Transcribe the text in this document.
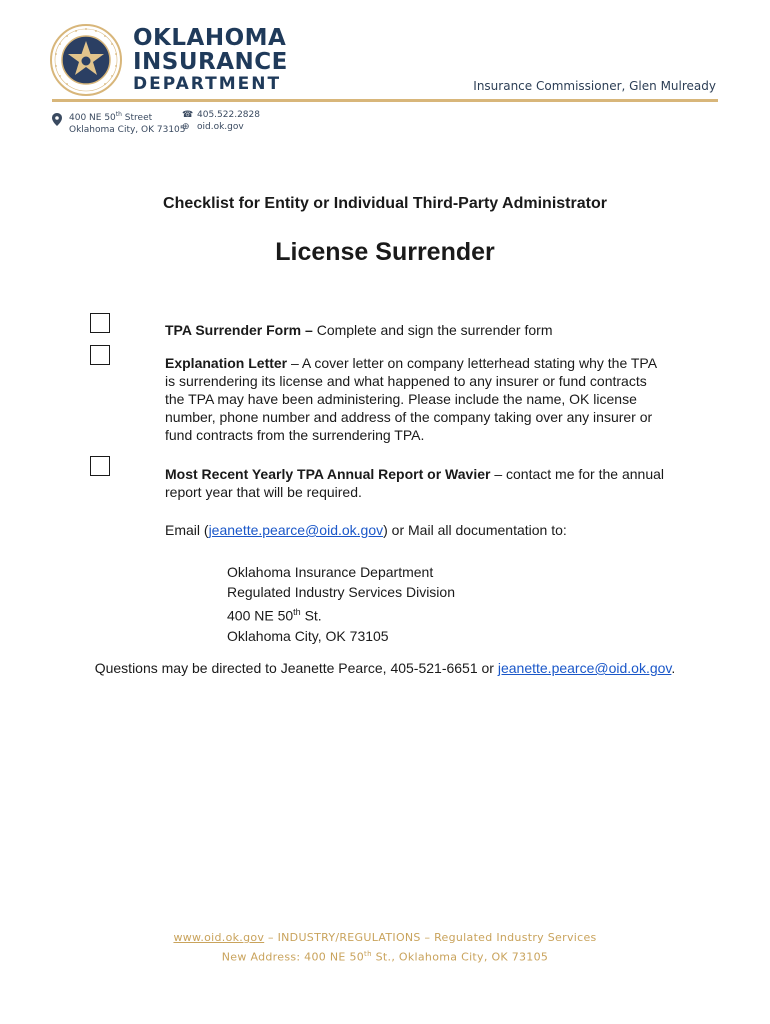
OKLAHOMA
INSURANCE
DEPARTMENT	Insurance Commissioner, Glen Mulready
400 NE 50th Street
Oklahoma City, OK 73105
☎
⊕
405.522.2828
oid.ok.gov
Checklist for Entity or Individual Third-Party Administrator
License Surrender
TPA Surrender Form – Complete and sign the surrender form
Explanation Letter – A cover letter on company letterhead stating why the TPA is surrendering its license and what happened to any insurer or fund contracts the TPA may have been administering. Please include the name, OK license number, phone number and address of the company taking over any insurer or fund contracts from the surrendering TPA.
Most Recent Yearly TPA Annual Report or Wavier – contact me for the annual report year that will be required.
Email (jeanette.pearce@oid.ok.gov) or Mail all documentation to:
Oklahoma Insurance Department
Regulated Industry Services Division
400 NE 50th St.
Oklahoma City, OK 73105
Questions may be directed to Jeanette Pearce, 405-521-6651 or jeanette.pearce@oid.ok.gov.
www.oid.ok.gov – INDUSTRY/REGULATIONS – Regulated Industry Services
New Address: 400 NE 50th St., Oklahoma City, OK 73105
